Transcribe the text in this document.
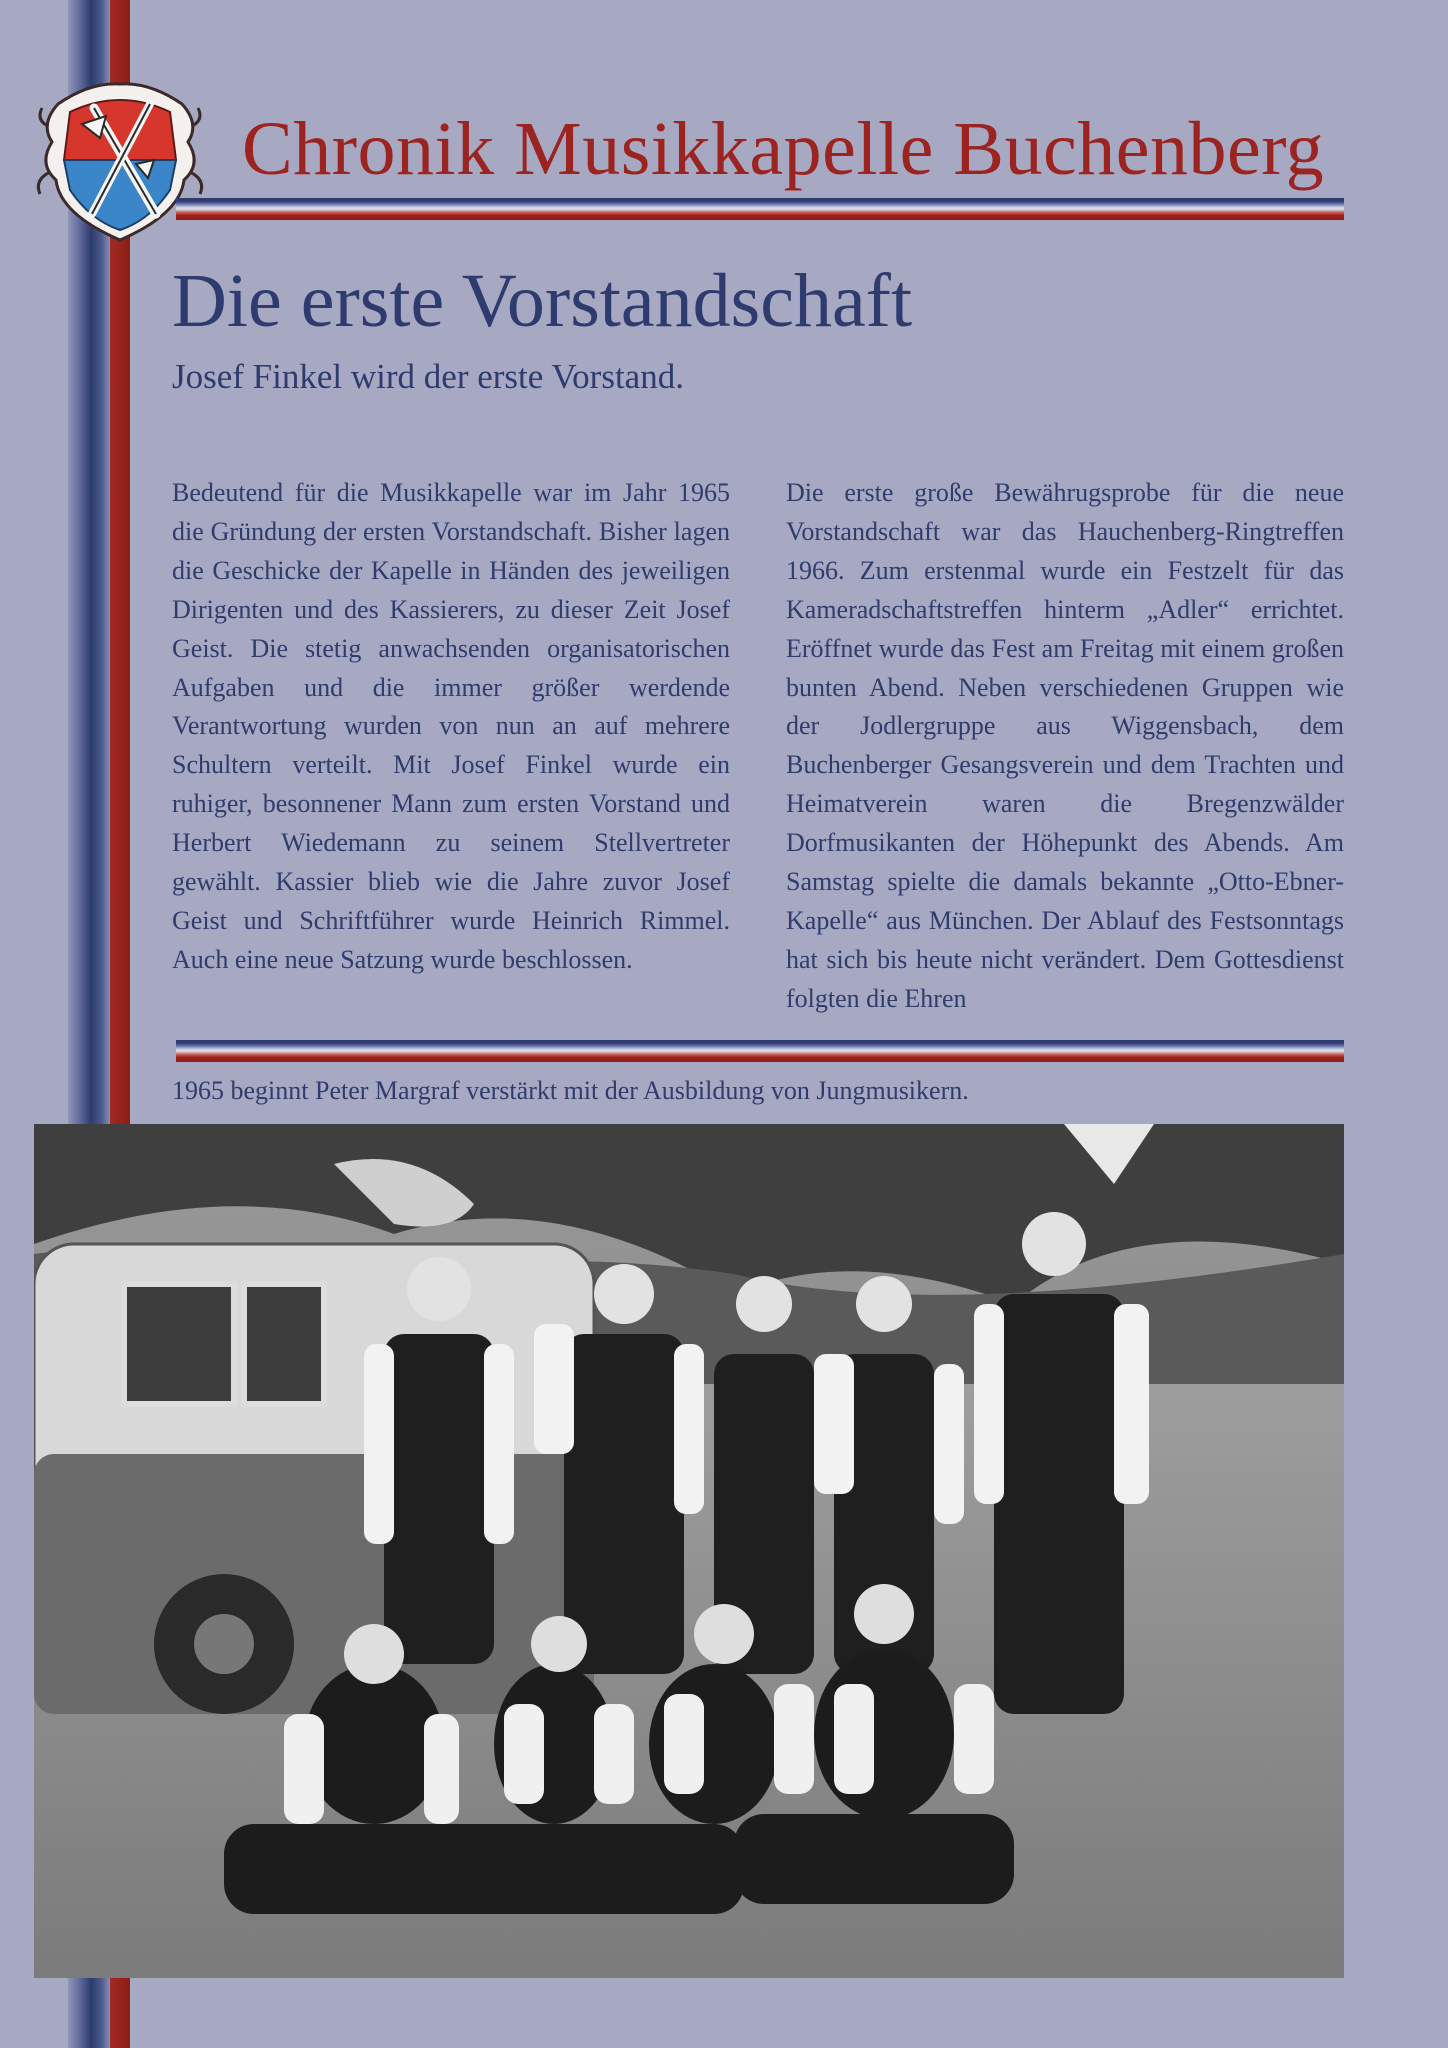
Chronik Musikkapelle Buchenberg
Die erste Vorstandschaft

Josef Finkel wird der erste Vorstand.

Bedeutend für die Musikkapelle war im Jahr 1965 die Gründung der ersten Vorstandschaft. Bisher lagen die Geschicke der Kapelle in Händen des jeweiligen Dirigenten und des Kassierers, zu dieser Zeit Josef Geist. Die stetig anwachsenden organisatorischen Aufgaben und die immer größer werdende Verantwortung wurden von nun an auf mehrere Schultern verteilt. Mit Josef Finkel wurde ein ruhiger, besonnener Mann zum ersten Vorstand und Herbert Wiedemann zu seinem Stellvertreter gewählt. Kassier blieb wie die Jahre zuvor Josef Geist und Schriftführer wurde Heinrich Rimmel. Auch eine neue Satzung wurde beschlossen.

Die erste große Bewährugsprobe für die neue Vorstandschaft war das Hauchenberg-Ringtreffen 1966. Zum erstenmal wurde ein Festzelt für das Kameradschaftstreffen hinterm „Adler“ errichtet. Eröffnet wurde das Fest am Freitag mit einem großen bunten Abend. Neben verschiedenen Gruppen wie der Jodlergruppe aus Wiggensbach, dem Buchenberger Gesangsverein und dem Trachten und Heimatverein waren die Bregenzwälder Dorfmusikanten der Höhepunkt des Abends. Am Samstag spielte die damals bekannte „Otto-Ebner-Kapelle“ aus München. Der Ablauf des Festsonntags hat sich bis heute nicht verändert. Dem Gottesdienst folgten die Ehren

1965 beginnt Peter Margraf verstärkt mit der Ausbildung von Jungmusikern.
